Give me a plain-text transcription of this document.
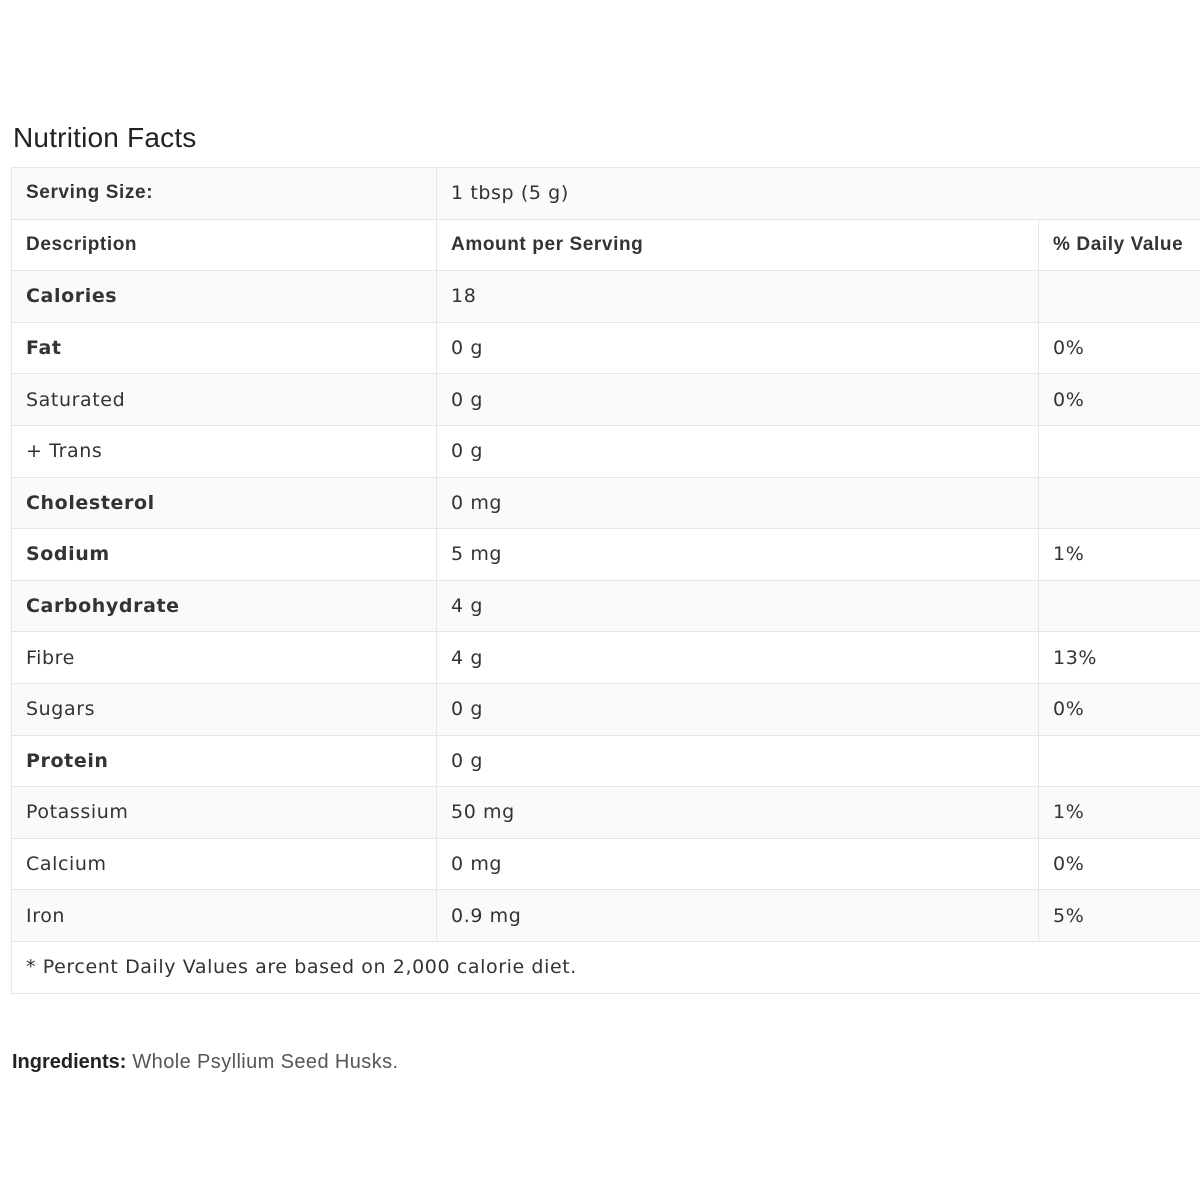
Nutrition Facts
Serving Size:	1 tbsp (5 g)	
Description	Amount per Serving	% Daily Value
Calories	18	
Fat	0 g	0%
Saturated	0 g	0%
+ Trans	0 g	
Cholesterol	0 mg	
Sodium	5 mg	1%
Carbohydrate	4 g	
Fibre	4 g	13%
Sugars	0 g	0%
Protein	0 g	
Potassium	50 mg	1%
Calcium	0 mg	0%
Iron	0.9 mg	5%
* Percent Daily Values are based on 2,000 calorie diet.		

Ingredients: Whole Psyllium Seed Husks.
